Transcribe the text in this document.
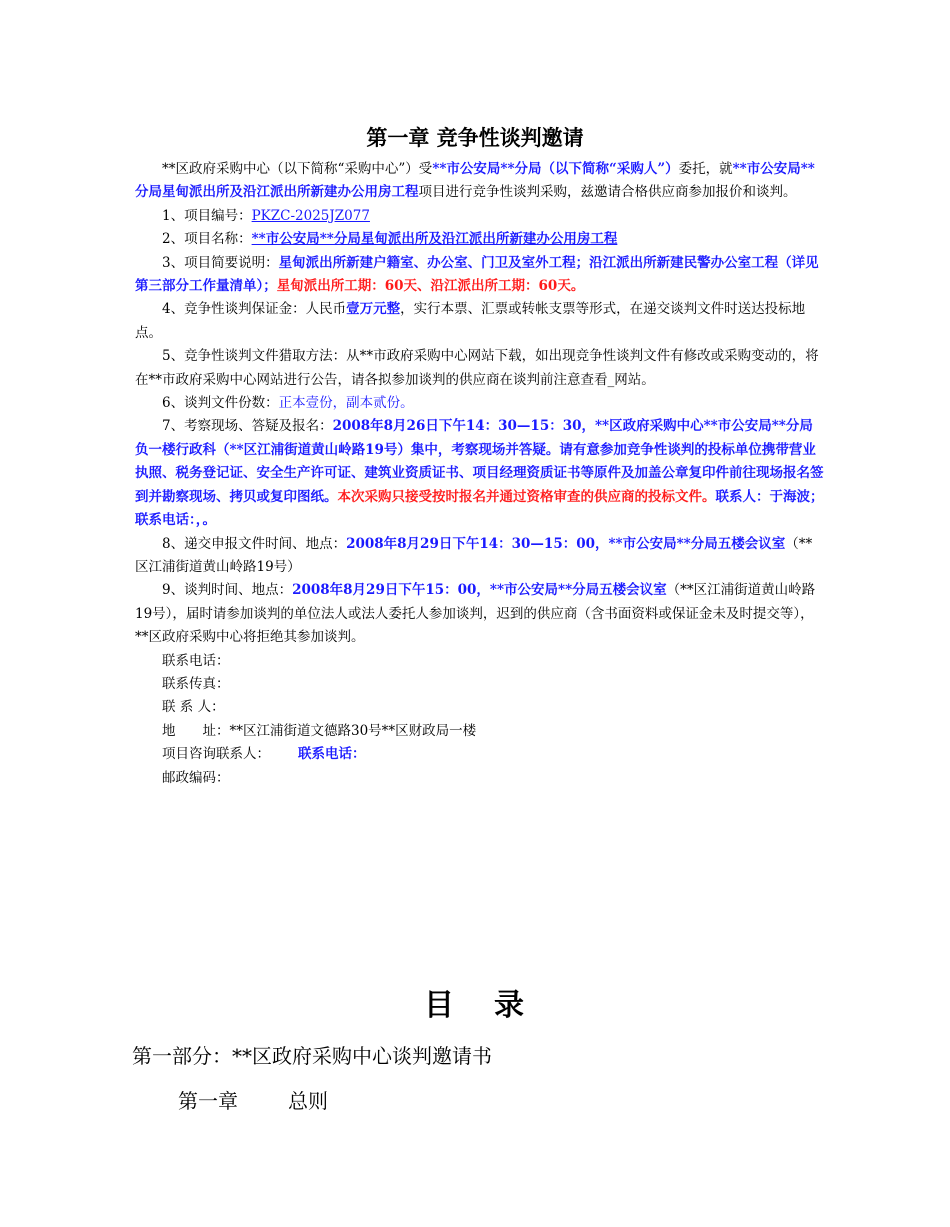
第一章 竞争性谈判邀请

**区政府采购中心（以下简称“采购中心”）受**市公安局**分局（以下简称“采购人”）委托，就**市公安局**分局星甸派出所及沿江派出所新建办公用房工程项目进行竞争性谈判采购，兹邀请合格供应商参加报价和谈判。

1、项目编号：PKZC-2025JZ077

2、项目名称：**市公安局**分局星甸派出所及沿江派出所新建办公用房工程

3、项目简要说明：星甸派出所新建户籍室、办公室、门卫及室外工程；沿江派出所新建民警办公室工程（详见第三部分工作量清单）；星甸派出所工期：60天、沿江派出所工期：60天。

4、竞争性谈判保证金：人民币壹万元整，实行本票、汇票或转帐支票等形式，在递交谈判文件时送达投标地点。

5、竞争性谈判文件猎取方法：从**市政府采购中心网站下载，如出现竞争性谈判文件有修改或采购变动的，将在**市政府采购中心网站进行公告，请各拟参加谈判的供应商在谈判前注意查看_网站。

6、谈判文件份数：正本壹份，副本贰份。

7、考察现场、答疑及报名：2008年8月26日下午14：30—15：30，**区政府采购中心**市公安局**分局负一楼行政科（**区江浦街道黄山岭路19号）集中，考察现场并答疑。请有意参加竞争性谈判的投标单位携带营业执照、税务登记证、安全生产许可证、建筑业资质证书、项目经理资质证书等原件及加盖公章复印件前往现场报名签到并勘察现场、拷贝或复印图纸。本次采购只接受按时报名并通过资格审查的供应商的投标文件。联系人：于海波；联系电话：，。

8、递交申报文件时间、地点：2008年8月29日下午14：30—15：00，**市公安局**分局五楼会议室（**区江浦街道黄山岭路19号）

9、谈判时间、地点：2008年8月29日下午15：00，**市公安局**分局五楼会议室（**区江浦街道黄山岭路19号），届时请参加谈判的单位法人或法人委托人参加谈判，迟到的供应商（含书面资料或保证金未及时提交等），**区政府采购中心将拒绝其参加谈判。

联系电话：

联系传真：

联 系 人：

地　　址：**区江浦街道文德路30号**区财政局一楼

项目咨询联系人： 联系电话：

邮政编码：

目 录
第一部分：**区政府采购中心谈判邀请书
第一章	总则
